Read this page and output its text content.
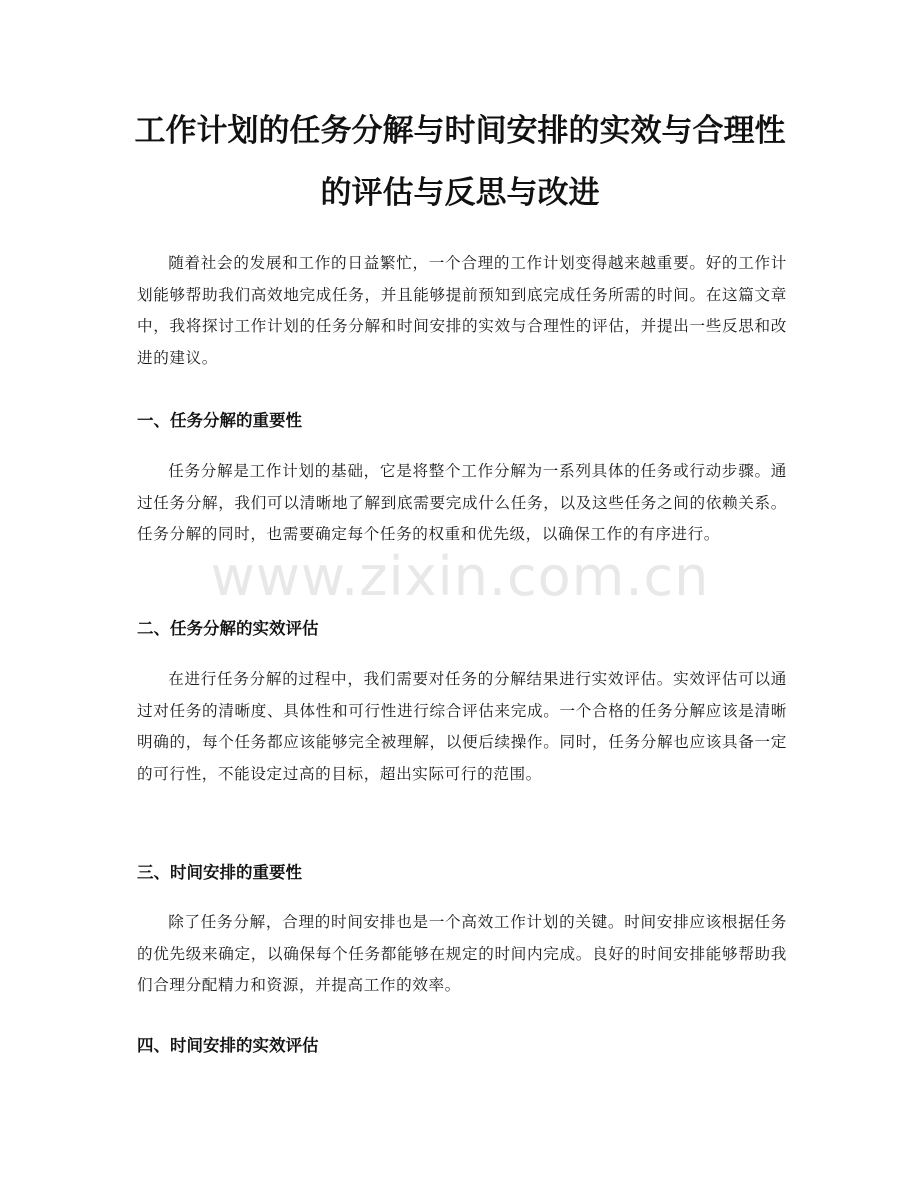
工作计划的任务分解与时间安排的实效与合理性的评估与反思与改进

随着社会的发展和工作的日益繁忙，一个合理的工作计划变得越来越重要。好的工作计划能够帮助我们高效地完成任务，并且能够提前预知到底完成任务所需的时间。在这篇文章中，我将探讨工作计划的任务分解和时间安排的实效与合理性的评估，并提出一些反思和改进的建议。

一、任务分解的重要性

任务分解是工作计划的基础，它是将整个工作分解为一系列具体的任务或行动步骤。通过任务分解，我们可以清晰地了解到底需要完成什么任务，以及这些任务之间的依赖关系。任务分解的同时，也需要确定每个任务的权重和优先级，以确保工作的有序进行。

二、任务分解的实效评估

在进行任务分解的过程中，我们需要对任务的分解结果进行实效评估。实效评估可以通过对任务的清晰度、具体性和可行性进行综合评估来完成。一个合格的任务分解应该是清晰明确的，每个任务都应该能够完全被理解，以便后续操作。同时，任务分解也应该具备一定的可行性，不能设定过高的目标，超出实际可行的范围。

三、时间安排的重要性

除了任务分解，合理的时间安排也是一个高效工作计划的关键。时间安排应该根据任务的优先级来确定，以确保每个任务都能够在规定的时间内完成。良好的时间安排能够帮助我们合理分配精力和资源，并提高工作的效率。

四、时间安排的实效评估
www.zixin.com.cn
